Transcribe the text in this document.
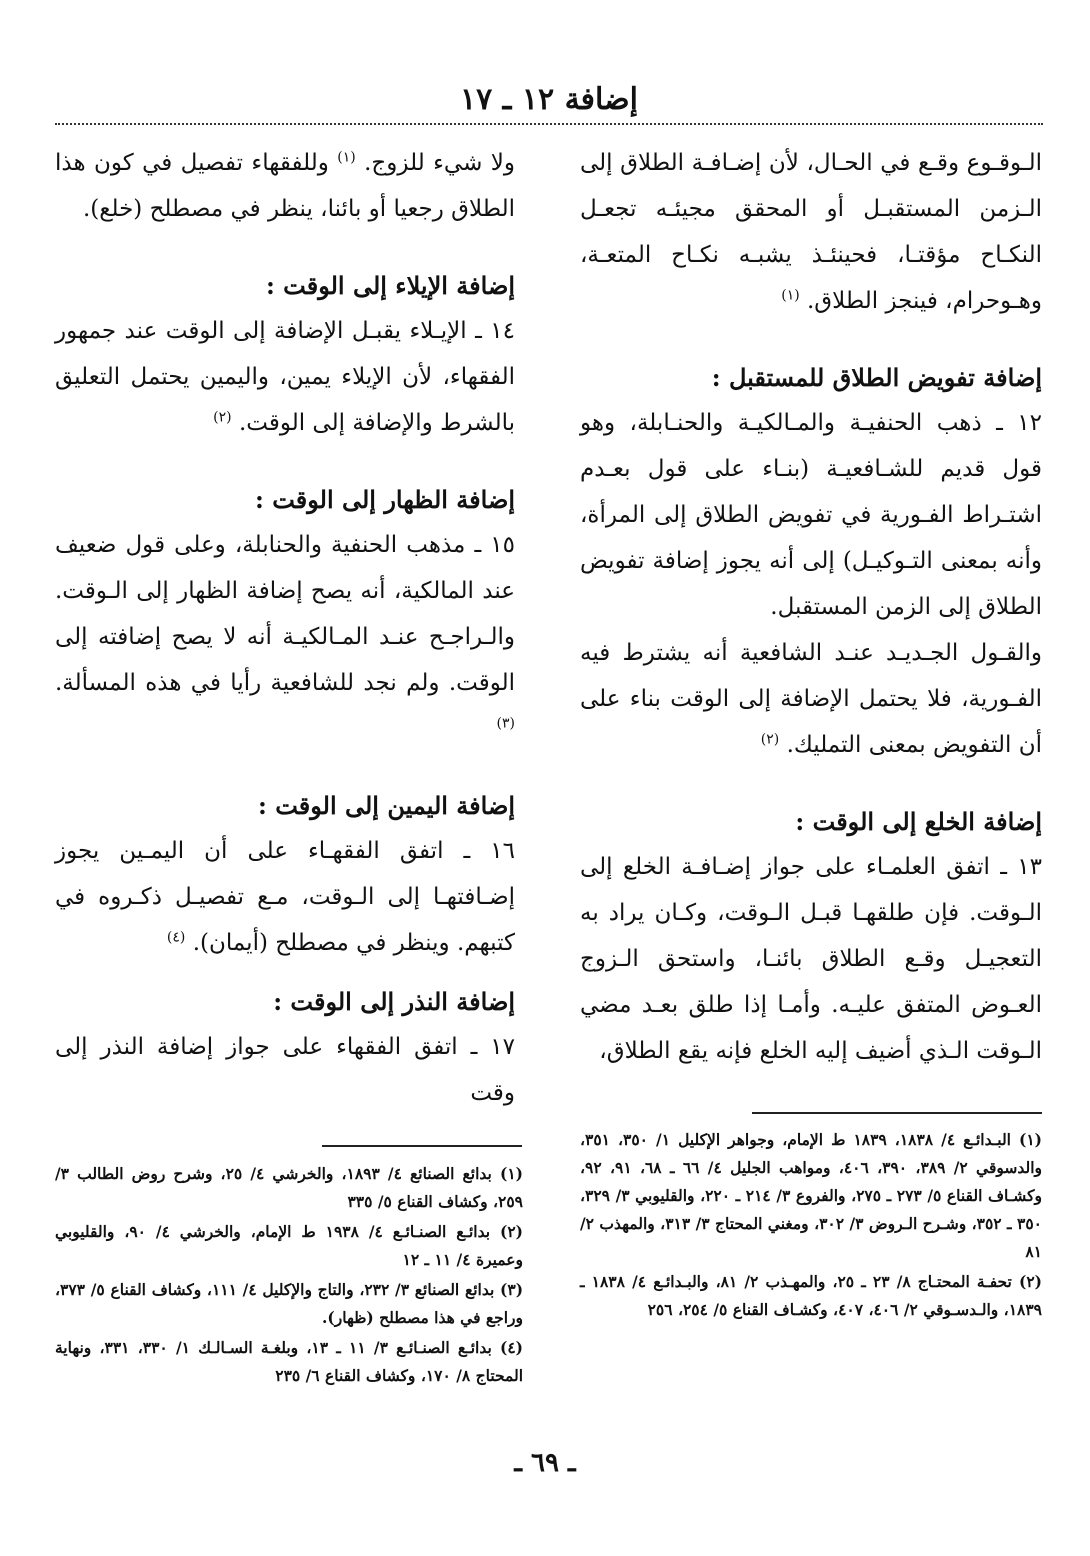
إضافة ١٢ ـ ١٧

الـوقـوع وقـع في الحـال، لأن إضـافـة الطلاق إلى الـزمن المستقبـل أو المحقق مجيئـه تجعـل النكـاح مؤقتـا، فحينئـذ يشبـه نكـاح المتعـة، وهـوحرام، فينجز الطلاق. $^{(١)}$

إضافة تفويض الطلاق للمستقبل :

١٢ ـ ذهب الحنفيـة والمـالكيـة والحنـابلة، وهو قول قديم للشـافعيـة (بنـاء على قول بعـدم اشتـراط الفـورية في تفويض الطلاق إلى المرأة، وأنه بمعنى التـوكيـل) إلى أنه يجوز إضافة تفويض الطلاق إلى الزمن المستقبل.

والقـول الجـديـد عنـد الشافعية أنه يشترط فيه الفـورية، فلا يحتمل الإضافة إلى الوقت بناء على أن التفويض بمعنى التمليك. $^{(٢)}$

إضافة الخلع إلى الوقت :

١٣ ـ اتفق العلمـاء على جواز إضـافـة الخلع إلى الـوقت. فإن طلقهـا قبـل الـوقت، وكـان يراد به التعجيـل وقـع الطلاق بائنـا، واستحق الـزوج العـوض المتفق عليـه. وأمـا إذا طلق بعـد مضي الـوقت الـذي أضيف إليه الخلع فإنه يقع الطلاق،

ولا شيء للزوج. $^{(١)}$ وللفقهاء تفصيل في كون هذا الطلاق رجعيا أو بائنا، ينظر في مصطلح (خلع).

إضافة الإيلاء إلى الوقت :

١٤ ـ الإيـلاء يقبـل الإضافة إلى الوقت عند جمهور الفقهاء، لأن الإيلاء يمين، واليمين يحتمل التعليق بالشرط والإضافة إلى الوقت. $^{(٢)}$

إضافة الظهار إلى الوقت :

١٥ ـ مذهب الحنفية والحنابلة، وعلى قول ضعيف عند المالكية، أنه يصح إضافة الظهار إلى الـوقت. والـراجـح عنـد المـالكيـة أنه لا يصح إضافته إلى الوقت. ولم نجد للشافعية رأيا في هذه المسألة. $^{(٣)}$

إضافة اليمين إلى الوقت :

١٦ ـ اتفق الفقهـاء على أن اليمـين يجوز إضـافتهـا إلى الـوقت، مـع تفصيـل ذكـروه في كتبهم. وينظر في مصطلح (أيمان). $^{(٤)}$

إضافة النذر إلى الوقت :

١٧ ـ اتفق الفقهاء على جواز إضافة النذر إلى وقت

(١) البـدائـع ٤/ ١٨٣٨، ١٨٣٩ ط الإمام، وجواهر الإكليل ١/ ٣٥٠، ٣٥١، والدسوقي ٢/ ٣٨٩، ٣٩٠، ٤٠٦، ومواهب الجليل ٤/ ٦٦ ـ ٦٨، ٩١، ٩٢، وكشـاف القناع ٥/ ٢٧٣ ـ ٢٧٥، والفروع ٣/ ٢١٤ ـ ٢٢٠، والقليوبي ٣/ ٣٢٩، ٣٥٠ ـ ٣٥٢، وشـرح الـروض ٣/ ٣٠٢، ومغني المحتاج ٣/ ٣١٣، والمهذب ٢/ ٨١

(٢) تحفـة المحتـاج ٨/ ٢٣ ـ ٢٥، والمهـذب ٢/ ٨١، والبـدائـع ٤/ ١٨٣٨ ـ ١٨٣٩، والـدسـوقي ٢/ ٤٠٦، ٤٠٧، وكشـاف القناع ٥/ ٢٥٤، ٢٥٦

(١) بدائع الصنائع ٤/ ١٨٩٣، والخرشي ٤/ ٢٥، وشرح روض الطالب ٣/ ٢٥٩، وكشاف القناع ٥/ ٣٣٥

(٢) بدائـع الصنـائـع ٤/ ١٩٣٨ ط الإمام، والخرشي ٤/ ٩٠، والقليوبي وعميرة ٤/ ١١ ـ ١٢

(٣) بدائع الصنائع ٣/ ٢٣٢، والتاج والإكليل ٤/ ١١١، وكشاف القناع ٥/ ٣٧٣، وراجع في هذا مصطلح (ظهار).

(٤) بدائـع الصنـائـع ٣/ ١١ ـ ١٣، وبلغـة السـالـك ١/ ٣٣٠، ٣٣١، ونهاية المحتاج ٨/ ١٧٠، وكشاف القناع ٦/ ٢٣٥

ـ ٦٩ ـ
